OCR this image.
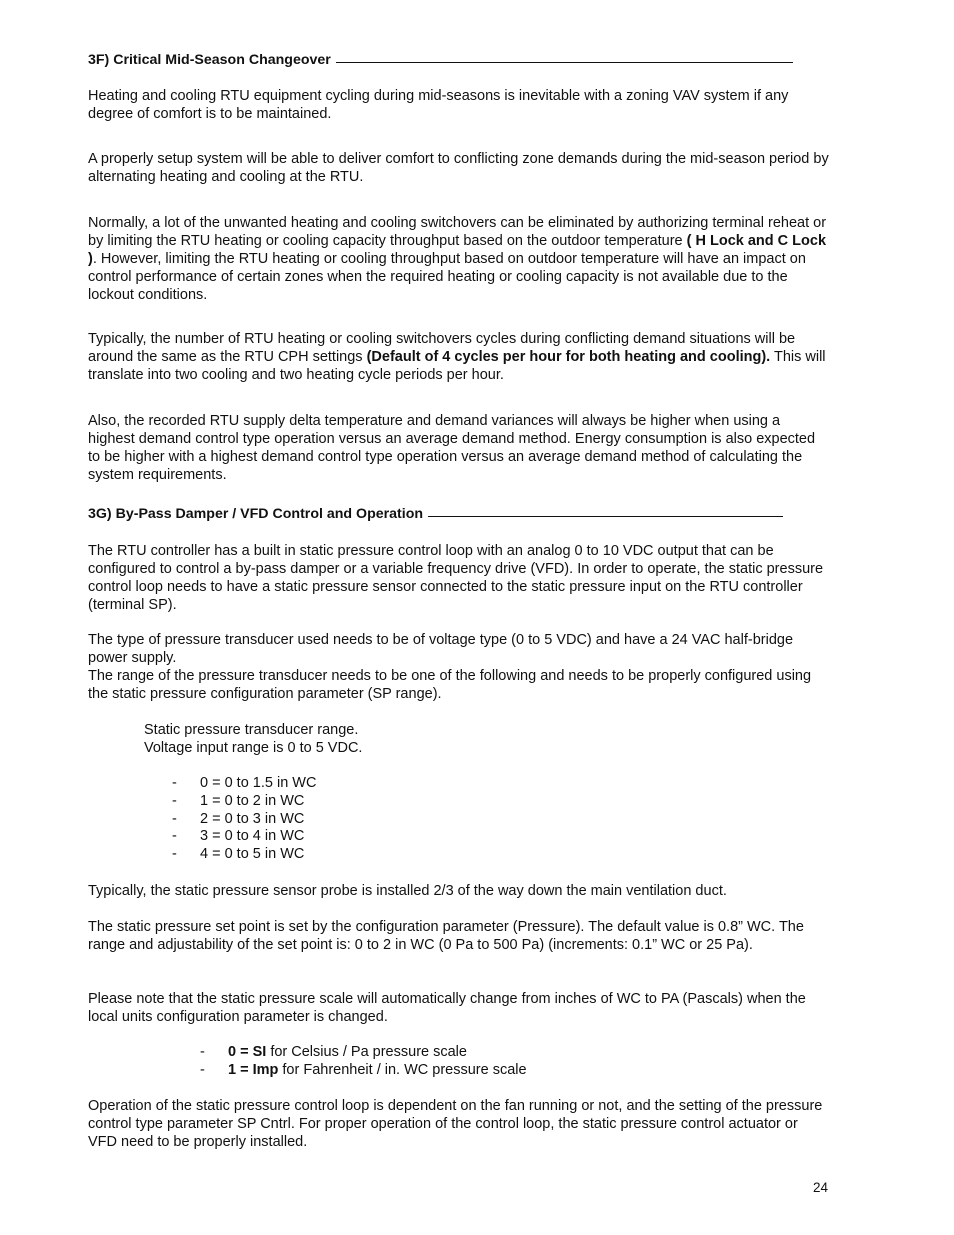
3F) Critical Mid-Season Changeover

Heating and cooling RTU equipment cycling during mid-seasons is inevitable with a zoning VAV system if any degree of comfort is to be maintained.

A properly setup system will be able to deliver comfort to conflicting zone demands during the mid-season period by alternating heating and cooling at the RTU.

Normally, a lot of the unwanted heating and cooling switchovers can be eliminated by authorizing terminal reheat or by limiting the RTU heating or cooling capacity throughput based on the outdoor temperature ( H Lock and C Lock ). However, limiting the RTU heating or cooling throughput based on outdoor temperature will have an impact on control performance of certain zones when the required heating or cooling capacity is not available due to the lockout conditions.

Typically, the number of RTU heating or cooling switchovers cycles during conflicting demand situations will be around the same as the RTU CPH settings (Default of 4 cycles per hour for both heating and cooling). This will translate into two cooling and two heating cycle periods per hour.

Also, the recorded RTU supply delta temperature and demand variances will always be higher when using a highest demand control type operation versus an average demand method. Energy consumption is also expected to be higher with a highest demand control type operation versus an average demand method of calculating the system requirements.

3G) By-Pass Damper / VFD Control and Operation

The RTU controller has a built in static pressure control loop with an analog 0 to 10 VDC output that can be configured to control a by-pass damper or a variable frequency drive (VFD). In order to operate, the static pressure control loop needs to have a static pressure sensor connected to the static pressure input on the RTU controller (terminal SP).

The type of pressure transducer used needs to be of voltage type (0 to 5 VDC) and have a 24 VAC half-bridge power supply.

The range of the pressure transducer needs to be one of the following and needs to be properly configured using the static pressure configuration parameter (SP range).

Static pressure transducer range.
Voltage input range is 0 to 5 VDC.
- 0 = 0 to 1.5 in WC
- 1 = 0 to 2 in WC
- 2 = 0 to 3 in WC
- 3 = 0 to 4 in WC
- 4 = 0 to 5 in WC

Typically, the static pressure sensor probe is installed 2/3 of the way down the main ventilation duct.

The static pressure set point is set by the configuration parameter (Pressure). The default value is 0.8” WC. The range and adjustability of the set point is: 0 to 2 in WC (0 Pa to 500 Pa) (increments: 0.1” WC or 25 Pa).

Please note that the static pressure scale will automatically change from inches of WC to PA (Pascals) when the local units configuration parameter is changed.

- 0 = SI for Celsius / Pa pressure scale
- 1 = Imp for Fahrenheit / in. WC pressure scale

Operation of the static pressure control loop is dependent on the fan running or not, and the setting of the pressure control type parameter SP Cntrl. For proper operation of the control loop, the static pressure control actuator or VFD need to be properly installed.

24
